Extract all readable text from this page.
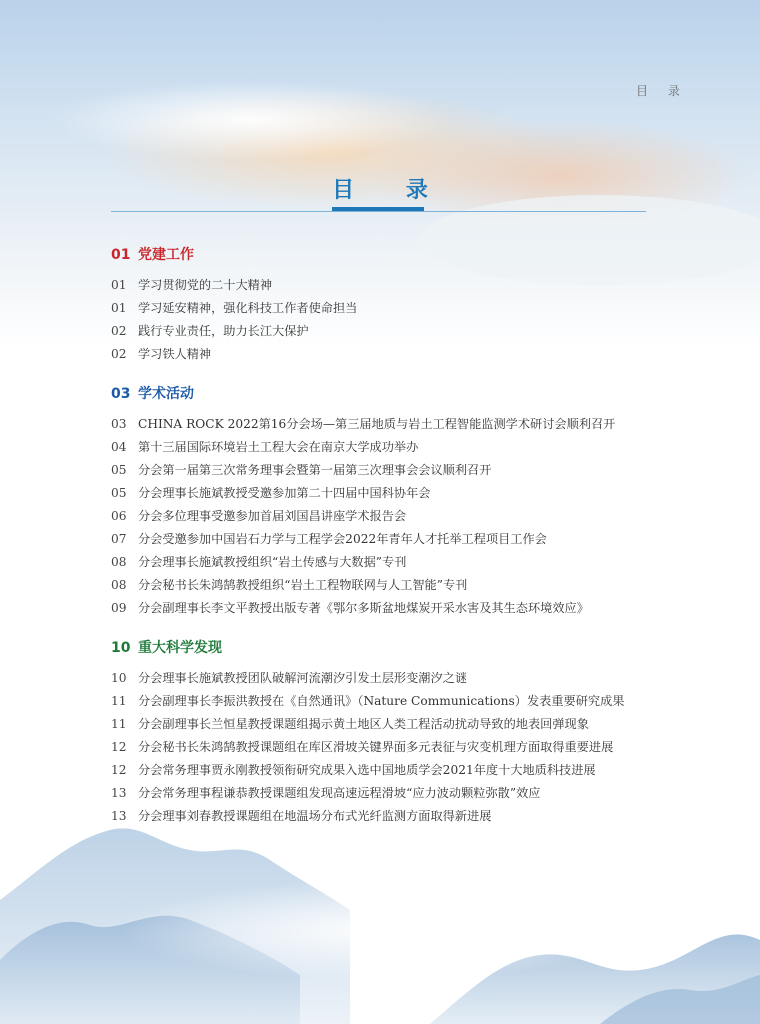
目 录
目 录
01 党建工作
01 学习贯彻党的二十大精神
01 学习延安精神，强化科技工作者使命担当
02 践行专业责任，助力长江大保护
02 学习铁人精神
03 学术活动
03 CHINA ROCK 2022第16分会场—第三届地质与岩土工程智能监测学术研讨会顺利召开
04 第十三届国际环境岩土工程大会在南京大学成功举办
05 分会第一届第三次常务理事会暨第一届第三次理事会会议顺利召开
05 分会理事长施斌教授受邀参加第二十四届中国科协年会
06 分会多位理事受邀参加首届刘国昌讲座学术报告会
07 分会受邀参加中国岩石力学与工程学会2022年青年人才托举工程项目工作会
08 分会理事长施斌教授组织“岩土传感与大数据”专刊
08 分会秘书长朱鸿鹄教授组织“岩土工程物联网与人工智能”专刊
09 分会副理事长李文平教授出版专著《鄂尔多斯盆地煤炭开采水害及其生态环境效应》
10 重大科学发现
10 分会理事长施斌教授团队破解河流潮汐引发土层形变潮汐之谜
11 分会副理事长李振洪教授在《自然通讯》（Nature Communications）发表重要研究成果
11 分会副理事长兰恒星教授课题组揭示黄土地区人类工程活动扰动导致的地表回弹现象
12 分会秘书长朱鸿鹄教授课题组在库区滑坡关键界面多元表征与灾变机理方面取得重要进展
12 分会常务理事贾永刚教授领衔研究成果入选中国地质学会2021年度十大地质科技进展
13 分会常务理事程谦恭教授课题组发现高速远程滑坡“应力波动颗粒弥散”效应
13 分会理事刘春教授课题组在地温场分布式光纤监测方面取得新进展
